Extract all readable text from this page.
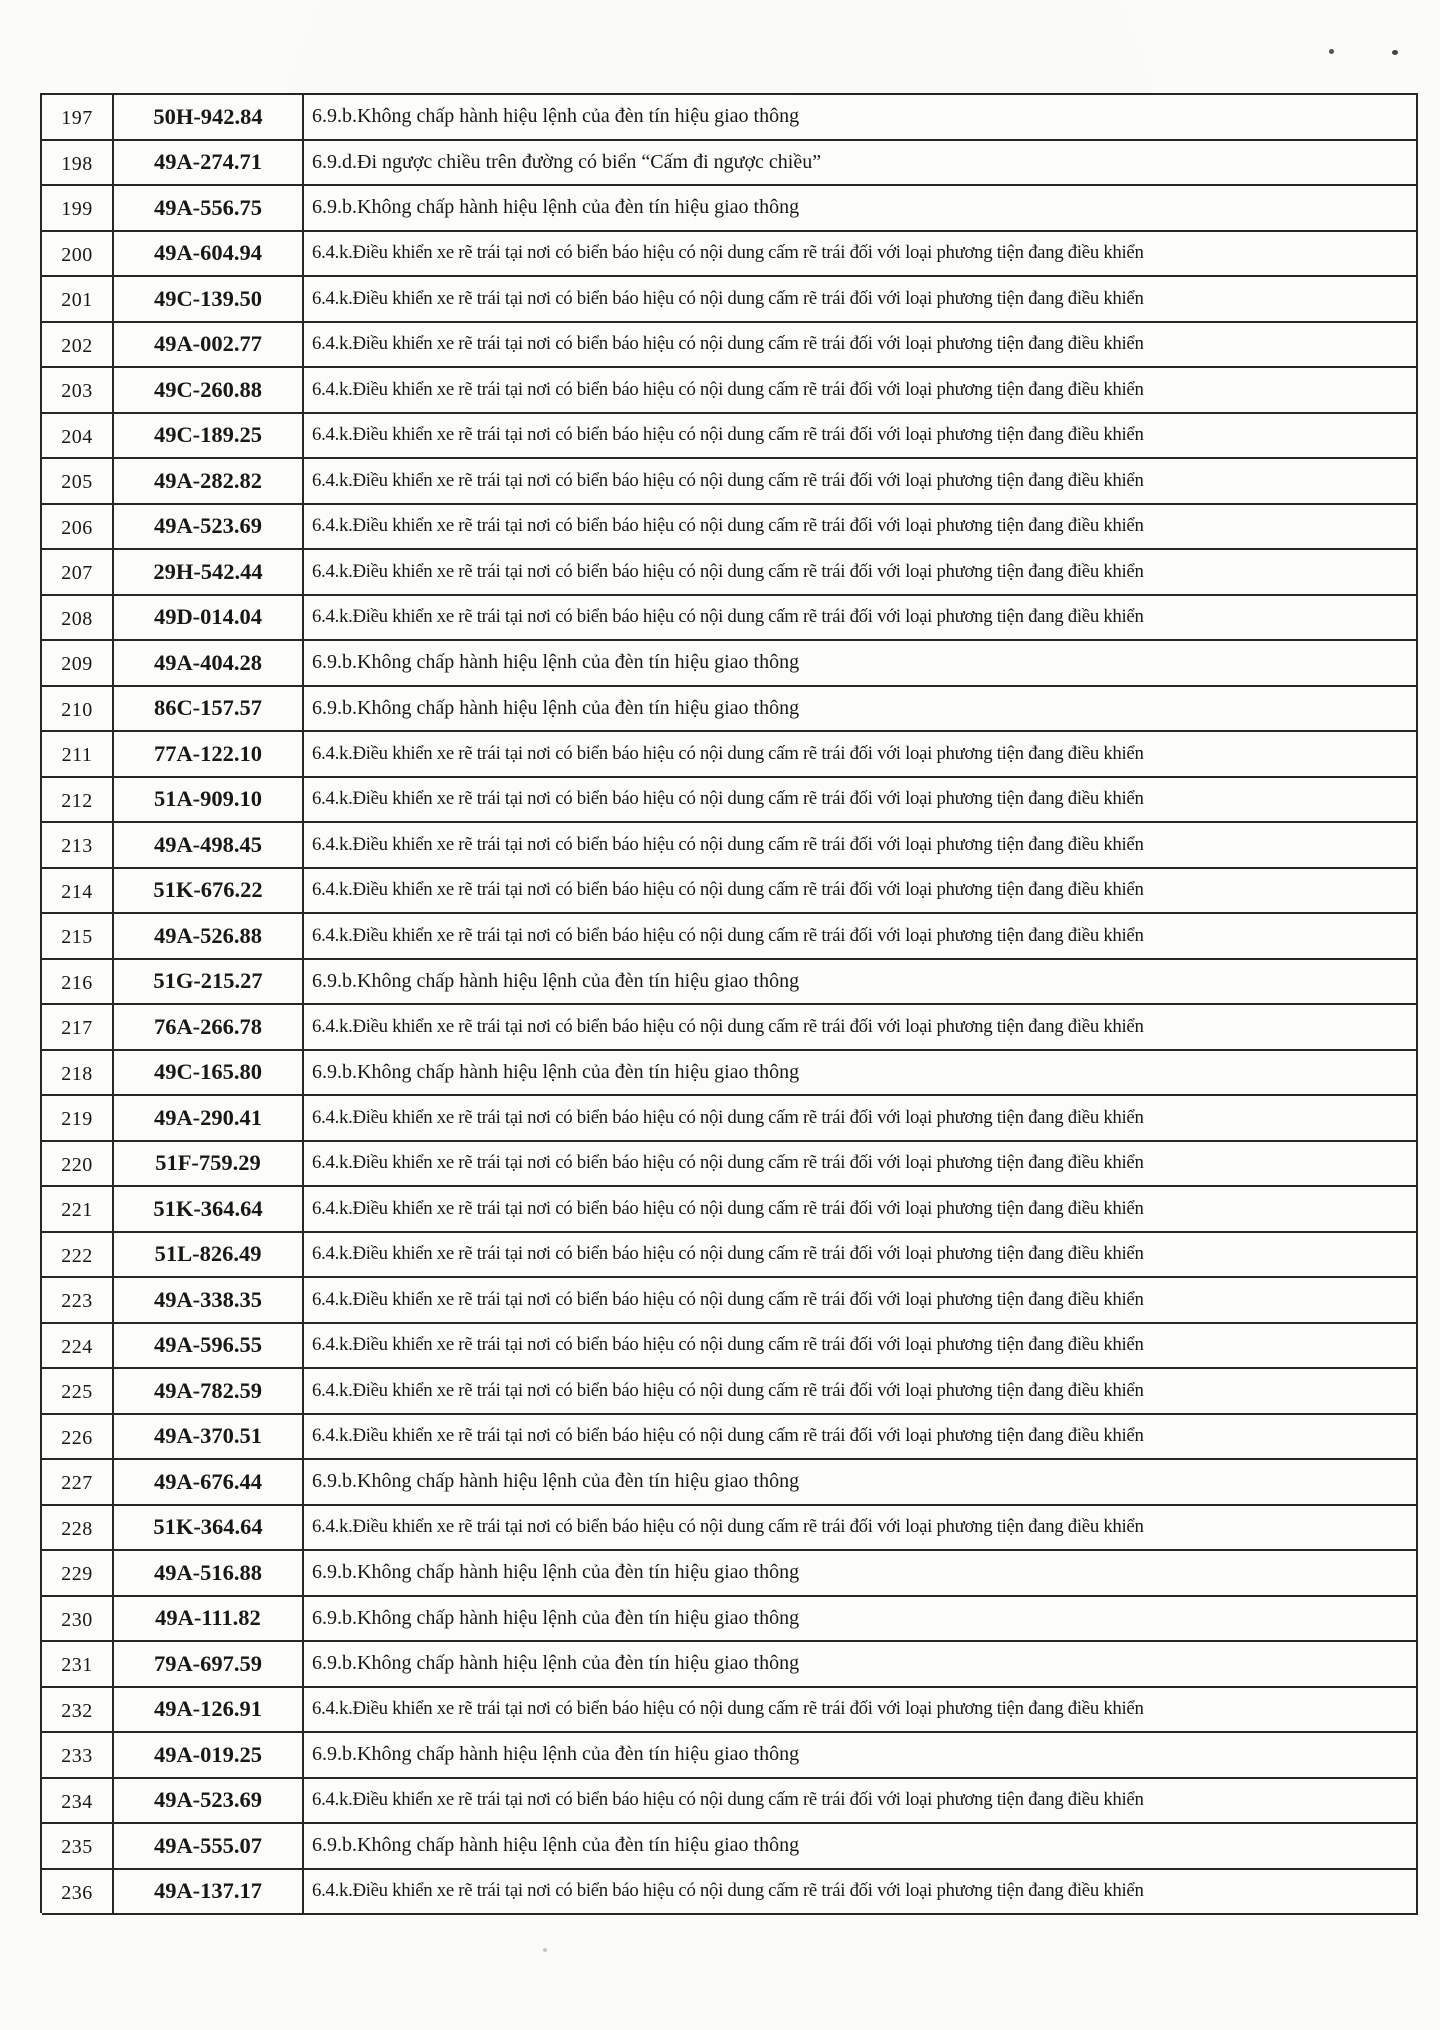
197	50H-942.84	6.9.b.Không chấp hành hiệu lệnh của đèn tín hiệu giao thông
198	49A-274.71	6.9.d.Đi ngược chiều trên đường có biển “Cấm đi ngược chiều”
199	49A-556.75	6.9.b.Không chấp hành hiệu lệnh của đèn tín hiệu giao thông
200	49A-604.94	6.4.k.Điều khiển xe rẽ trái tại nơi có biển báo hiệu có nội dung cấm rẽ trái đối với loại phương tiện đang điều khiển
201	49C-139.50	6.4.k.Điều khiển xe rẽ trái tại nơi có biển báo hiệu có nội dung cấm rẽ trái đối với loại phương tiện đang điều khiển
202	49A-002.77	6.4.k.Điều khiển xe rẽ trái tại nơi có biển báo hiệu có nội dung cấm rẽ trái đối với loại phương tiện đang điều khiển
203	49C-260.88	6.4.k.Điều khiển xe rẽ trái tại nơi có biển báo hiệu có nội dung cấm rẽ trái đối với loại phương tiện đang điều khiển
204	49C-189.25	6.4.k.Điều khiển xe rẽ trái tại nơi có biển báo hiệu có nội dung cấm rẽ trái đối với loại phương tiện đang điều khiển
205	49A-282.82	6.4.k.Điều khiển xe rẽ trái tại nơi có biển báo hiệu có nội dung cấm rẽ trái đối với loại phương tiện đang điều khiển
206	49A-523.69	6.4.k.Điều khiển xe rẽ trái tại nơi có biển báo hiệu có nội dung cấm rẽ trái đối với loại phương tiện đang điều khiển
207	29H-542.44	6.4.k.Điều khiển xe rẽ trái tại nơi có biển báo hiệu có nội dung cấm rẽ trái đối với loại phương tiện đang điều khiển
208	49D-014.04	6.4.k.Điều khiển xe rẽ trái tại nơi có biển báo hiệu có nội dung cấm rẽ trái đối với loại phương tiện đang điều khiển
209	49A-404.28	6.9.b.Không chấp hành hiệu lệnh của đèn tín hiệu giao thông
210	86C-157.57	6.9.b.Không chấp hành hiệu lệnh của đèn tín hiệu giao thông
211	77A-122.10	6.4.k.Điều khiển xe rẽ trái tại nơi có biển báo hiệu có nội dung cấm rẽ trái đối với loại phương tiện đang điều khiển
212	51A-909.10	6.4.k.Điều khiển xe rẽ trái tại nơi có biển báo hiệu có nội dung cấm rẽ trái đối với loại phương tiện đang điều khiển
213	49A-498.45	6.4.k.Điều khiển xe rẽ trái tại nơi có biển báo hiệu có nội dung cấm rẽ trái đối với loại phương tiện đang điều khiển
214	51K-676.22	6.4.k.Điều khiển xe rẽ trái tại nơi có biển báo hiệu có nội dung cấm rẽ trái đối với loại phương tiện đang điều khiển
215	49A-526.88	6.4.k.Điều khiển xe rẽ trái tại nơi có biển báo hiệu có nội dung cấm rẽ trái đối với loại phương tiện đang điều khiển
216	51G-215.27	6.9.b.Không chấp hành hiệu lệnh của đèn tín hiệu giao thông
217	76A-266.78	6.4.k.Điều khiển xe rẽ trái tại nơi có biển báo hiệu có nội dung cấm rẽ trái đối với loại phương tiện đang điều khiển
218	49C-165.80	6.9.b.Không chấp hành hiệu lệnh của đèn tín hiệu giao thông
219	49A-290.41	6.4.k.Điều khiển xe rẽ trái tại nơi có biển báo hiệu có nội dung cấm rẽ trái đối với loại phương tiện đang điều khiển
220	51F-759.29	6.4.k.Điều khiển xe rẽ trái tại nơi có biển báo hiệu có nội dung cấm rẽ trái đối với loại phương tiện đang điều khiển
221	51K-364.64	6.4.k.Điều khiển xe rẽ trái tại nơi có biển báo hiệu có nội dung cấm rẽ trái đối với loại phương tiện đang điều khiển
222	51L-826.49	6.4.k.Điều khiển xe rẽ trái tại nơi có biển báo hiệu có nội dung cấm rẽ trái đối với loại phương tiện đang điều khiển
223	49A-338.35	6.4.k.Điều khiển xe rẽ trái tại nơi có biển báo hiệu có nội dung cấm rẽ trái đối với loại phương tiện đang điều khiển
224	49A-596.55	6.4.k.Điều khiển xe rẽ trái tại nơi có biển báo hiệu có nội dung cấm rẽ trái đối với loại phương tiện đang điều khiển
225	49A-782.59	6.4.k.Điều khiển xe rẽ trái tại nơi có biển báo hiệu có nội dung cấm rẽ trái đối với loại phương tiện đang điều khiển
226	49A-370.51	6.4.k.Điều khiển xe rẽ trái tại nơi có biển báo hiệu có nội dung cấm rẽ trái đối với loại phương tiện đang điều khiển
227	49A-676.44	6.9.b.Không chấp hành hiệu lệnh của đèn tín hiệu giao thông
228	51K-364.64	6.4.k.Điều khiển xe rẽ trái tại nơi có biển báo hiệu có nội dung cấm rẽ trái đối với loại phương tiện đang điều khiển
229	49A-516.88	6.9.b.Không chấp hành hiệu lệnh của đèn tín hiệu giao thông
230	49A-111.82	6.9.b.Không chấp hành hiệu lệnh của đèn tín hiệu giao thông
231	79A-697.59	6.9.b.Không chấp hành hiệu lệnh của đèn tín hiệu giao thông
232	49A-126.91	6.4.k.Điều khiển xe rẽ trái tại nơi có biển báo hiệu có nội dung cấm rẽ trái đối với loại phương tiện đang điều khiển
233	49A-019.25	6.9.b.Không chấp hành hiệu lệnh của đèn tín hiệu giao thông
234	49A-523.69	6.4.k.Điều khiển xe rẽ trái tại nơi có biển báo hiệu có nội dung cấm rẽ trái đối với loại phương tiện đang điều khiển
235	49A-555.07	6.9.b.Không chấp hành hiệu lệnh của đèn tín hiệu giao thông
236	49A-137.17	6.4.k.Điều khiển xe rẽ trái tại nơi có biển báo hiệu có nội dung cấm rẽ trái đối với loại phương tiện đang điều khiển
